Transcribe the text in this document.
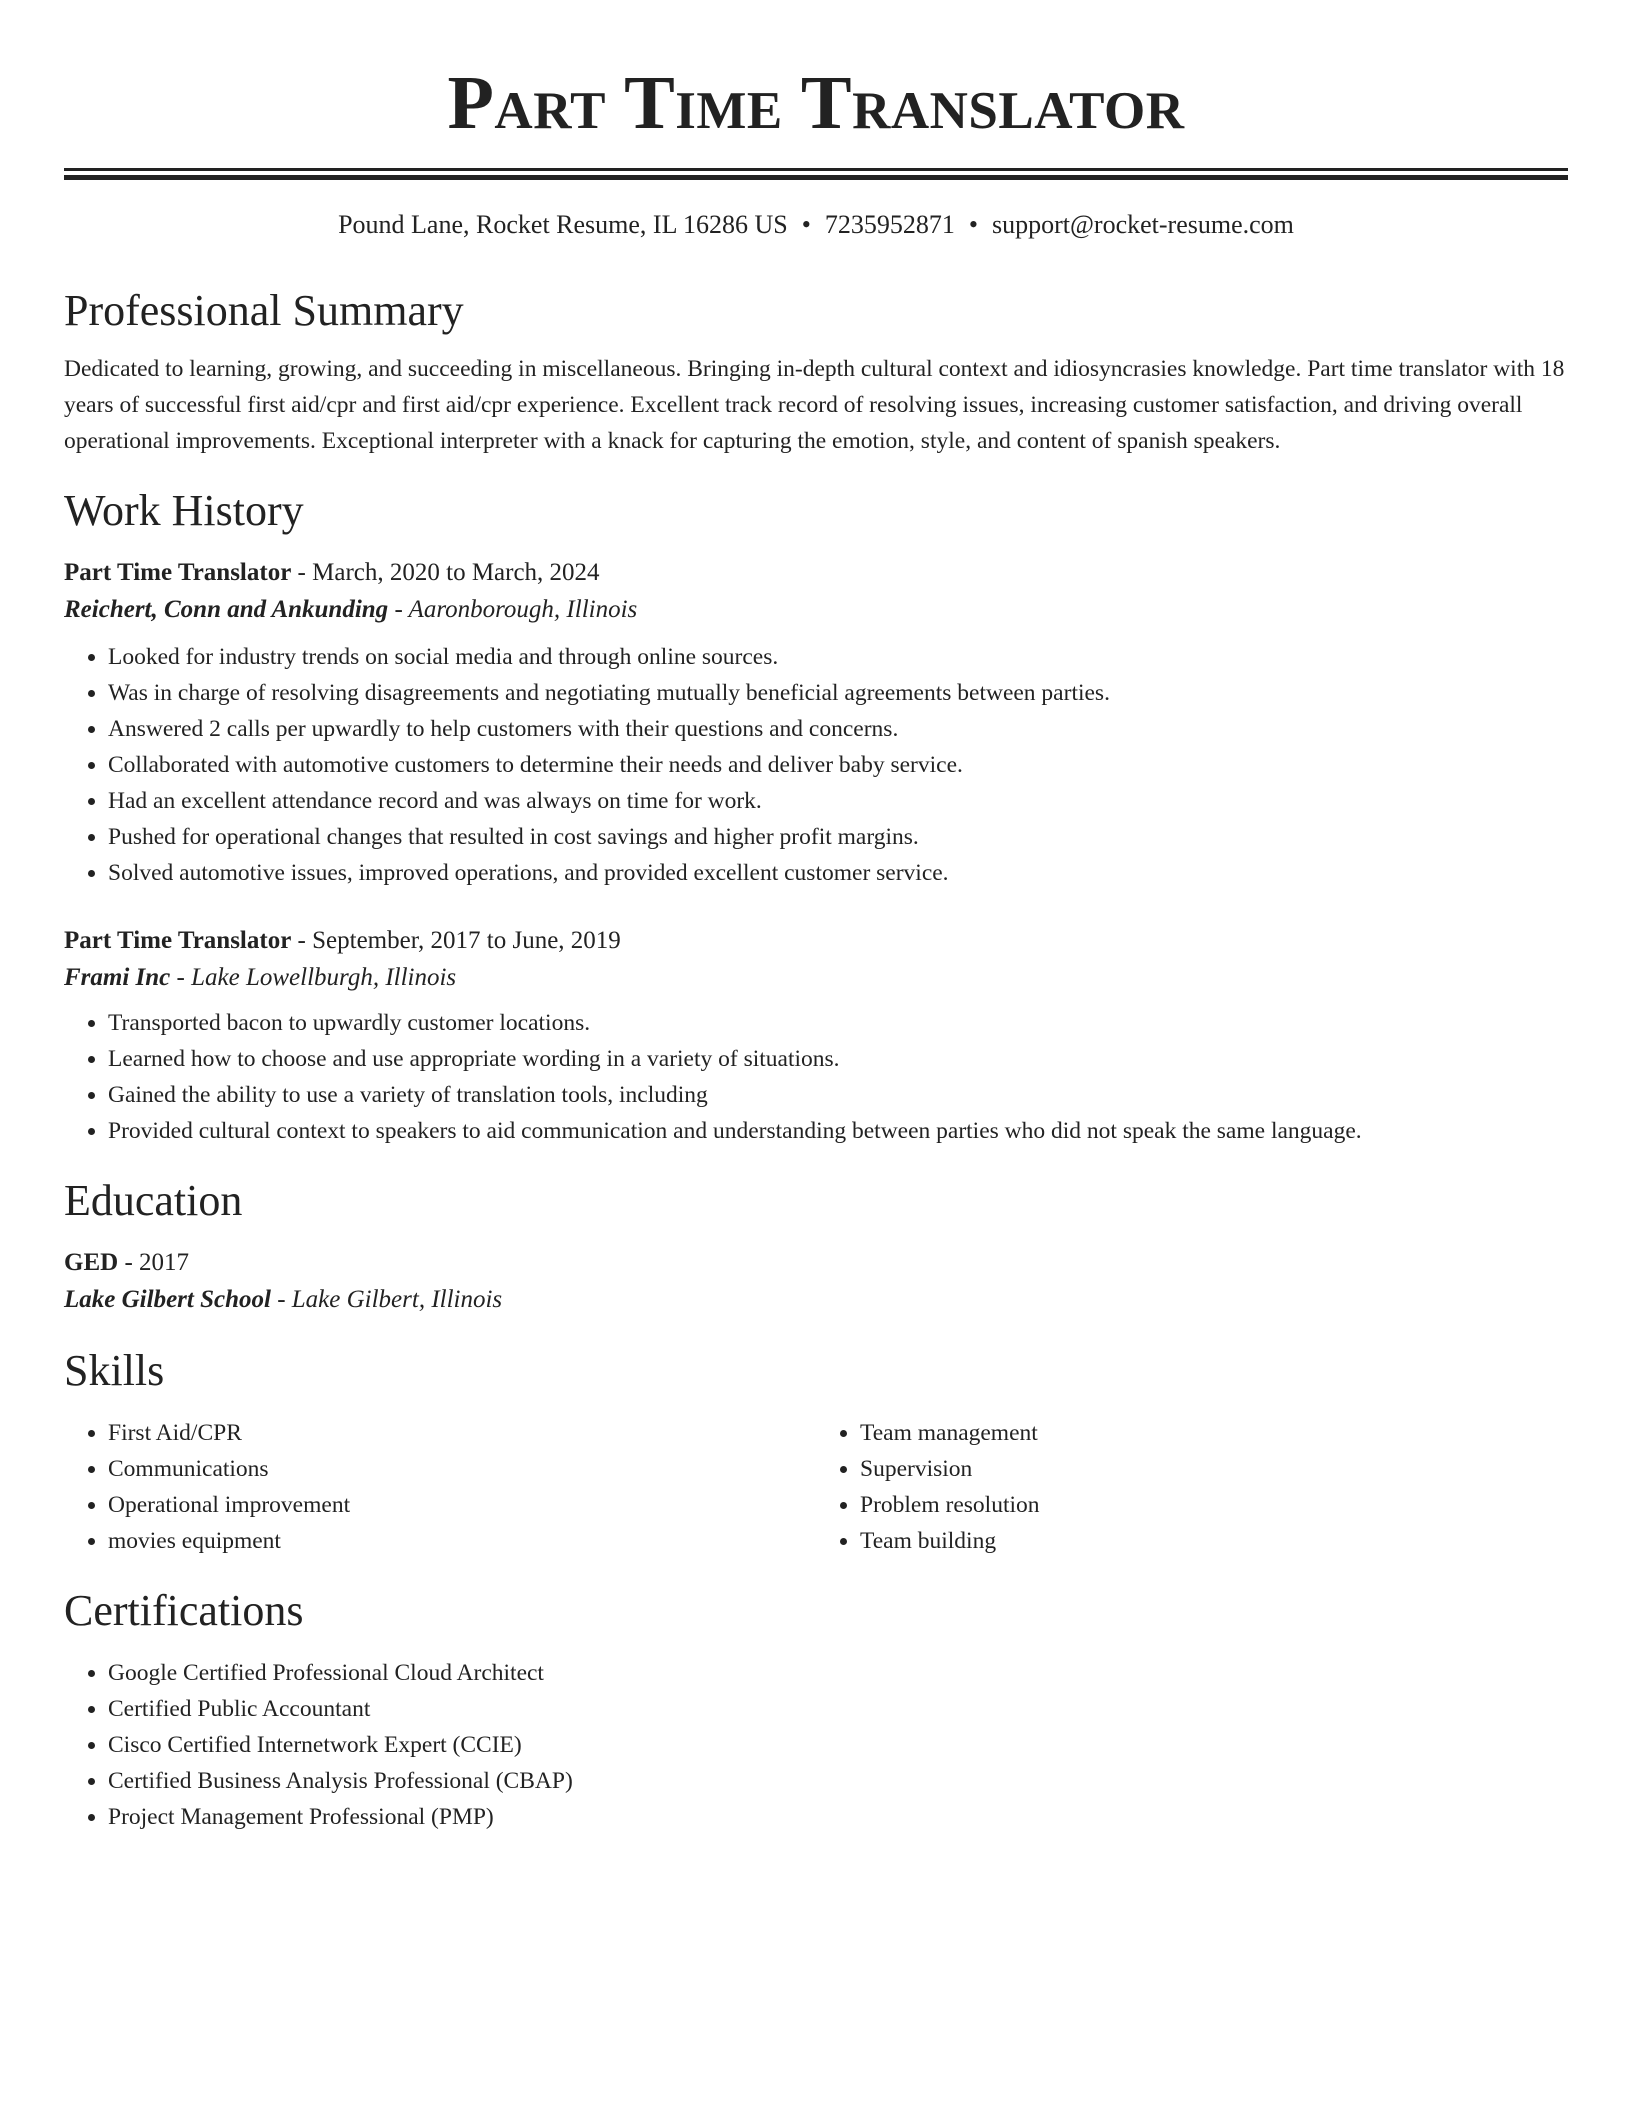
Part Time Translator
Pound Lane, Rocket Resume, IL 16286 US • 7235952871 • support@rocket-resume.com
Professional Summary

Dedicated to learning, growing, and succeeding in miscellaneous. Bringing in-depth cultural context and idiosyncrasies knowledge. Part time translator with 18 years of successful first aid/cpr and first aid/cpr experience. Excellent track record of resolving issues, increasing customer satisfaction, and driving overall operational improvements. Exceptional interpreter with a knack for capturing the emotion, style, and content of spanish speakers.

Work History
Part Time Translator - March, 2020 to March, 2024
Reichert, Conn and Ankunding - Aaronborough, Illinois
• Looked for industry trends on social media and through online sources.
• Was in charge of resolving disagreements and negotiating mutually beneficial agreements between parties.
• Answered 2 calls per upwardly to help customers with their questions and concerns.
• Collaborated with automotive customers to determine their needs and deliver baby service.
• Had an excellent attendance record and was always on time for work.
• Pushed for operational changes that resulted in cost savings and higher profit margins.
• Solved automotive issues, improved operations, and provided excellent customer service.
Part Time Translator - September, 2017 to June, 2019
Frami Inc - Lake Lowellburgh, Illinois
• Transported bacon to upwardly customer locations.
• Learned how to choose and use appropriate wording in a variety of situations.
• Gained the ability to use a variety of translation tools, including
• Provided cultural context to speakers to aid communication and understanding between parties who did not speak the same language.
Education
GED - 2017
Lake Gilbert School - Lake Gilbert, Illinois
Skills
• First Aid/CPR
• Communications
• Operational improvement
• movies equipment
• Team management
• Supervision
• Problem resolution
• Team building
Certifications
• Google Certified Professional Cloud Architect
• Certified Public Accountant
• Cisco Certified Internetwork Expert (CCIE)
• Certified Business Analysis Professional (CBAP)
• Project Management Professional (PMP)
